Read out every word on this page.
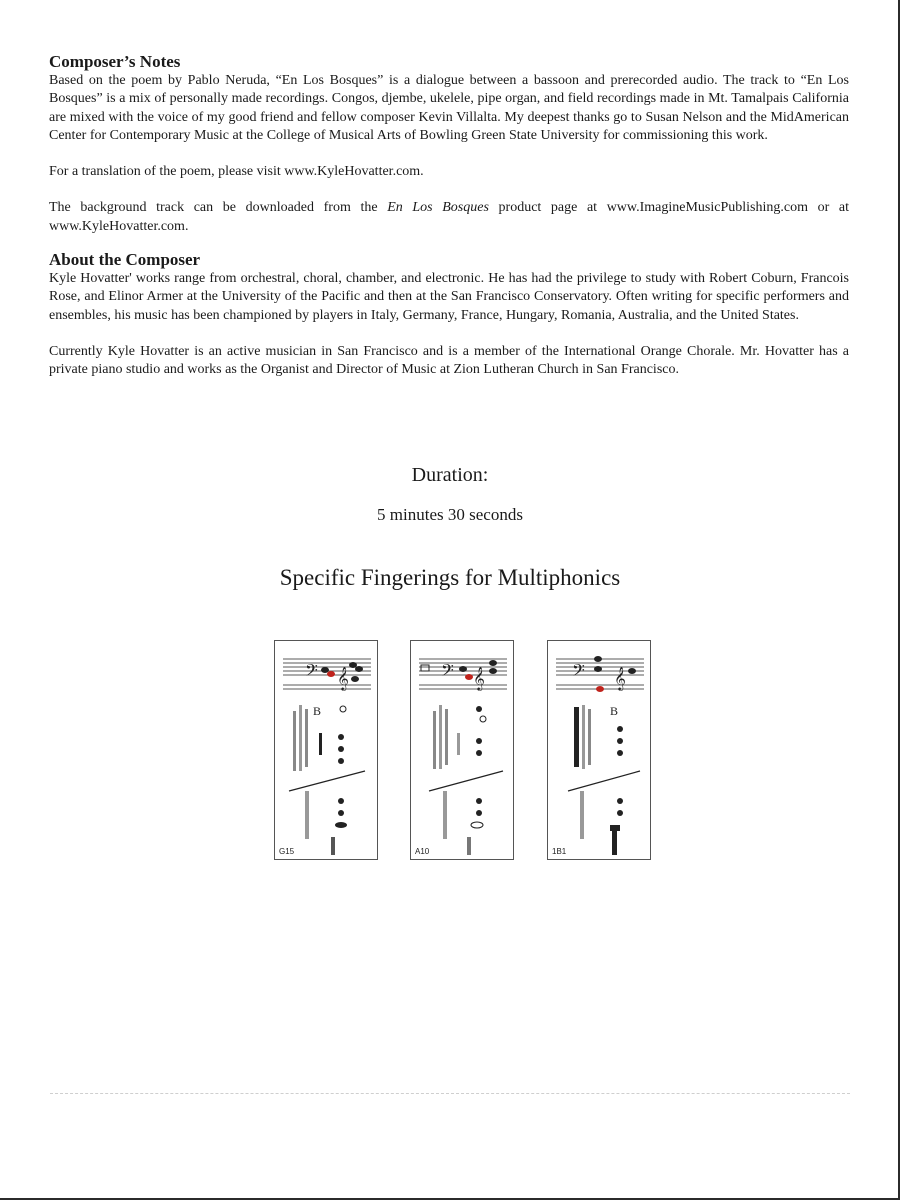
Composer’s Notes

Based on the poem by Pablo Neruda, “En Los Bosques” is a dialogue between a bassoon and prerecorded audio. The track to “En Los Bosques” is a mix of personally made recordings. Congos, djembe, ukelele, pipe organ, and field recordings made in Mt. Tamalpais California are mixed with the voice of my good friend and fellow composer Kevin Villalta. My deepest thanks go to Susan Nelson and the MidAmerican Center for Contemporary Music at the College of Musical Arts of Bowling Green State University for commissioning this work.

For a translation of the poem, please visit www.KyleHovatter.com.

The background track can be downloaded from the En Los Bosques product page at www.ImagineMusicPublishing.com or at www.KyleHovatter.com.

About the Composer

Kyle Hovatter' works range from orchestral, choral, chamber, and electronic. He has had the privilege to study with Robert Coburn, Francois Rose, and Elinor Armer at the University of the Pacific and then at the San Francisco Conservatory. Often writing for specific performers and ensembles, his music has been championed by players in Italy, Germany, France, Hungary, Romania, Australia, and the United States.

Currently Kyle Hovatter is an active musician in San Francisco and is a member of the International Orange Chorale. Mr. Hovatter has a private piano studio and works as the Organist and Director of Music at Zion Lutheran Church in San Francisco.

Duration:
5 minutes 30 seconds
Specific Fingerings for Multiphonics
𝄢 𝄞
B
G15
𝄢 𝄞
A10
𝄢 𝄞
B
1B1
